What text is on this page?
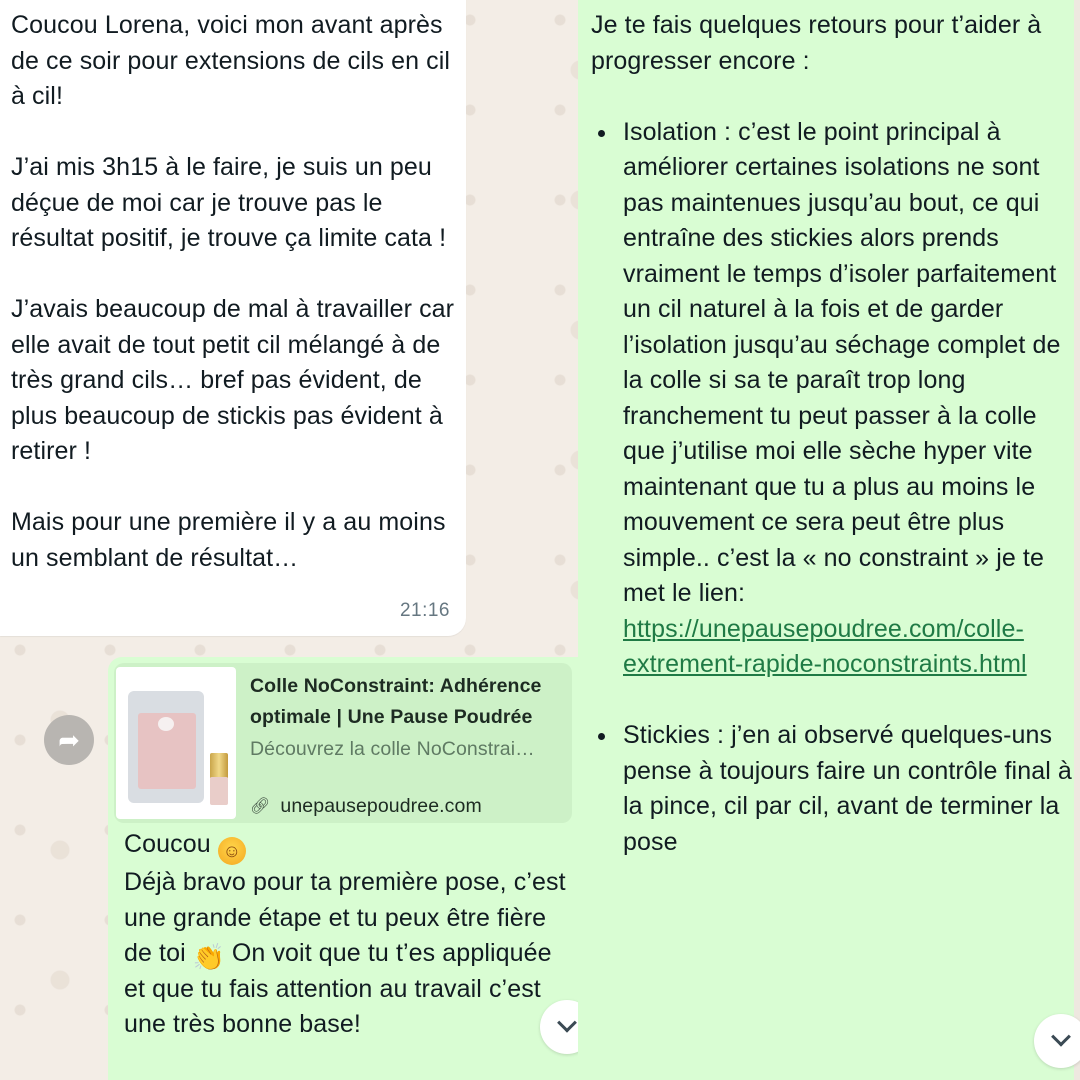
Coucou Lorena, voici mon avant après de ce soir pour extensions de cils en cil à cil!

J’ai mis 3h15 à le faire, je suis un peu déçue de moi car je trouve pas le résultat positif, je trouve ça limite cata !

J’avais beaucoup de mal à travailler car elle avait de tout petit cil mélangé à de très grand cils… bref pas évident, de plus beaucoup de stickis pas évident à retirer !

Mais pour une première il y a au moins un semblant de résultat…

21:16
➦
Colle NoConstraint: Adhérence optimale | Une Pause Poudrée
Découvrez la colle NoConstrai…
🔗︎ unepausepoudree.com
Coucou ☺
Déjà bravo pour ta première pose, c’est une grande étape et tu peux être fière de toi 👏 On voit que tu t’es appliquée et que tu fais attention au travail c’est une très bonne base!

Je te fais quelques retours pour t’aider à progresser encore :

Isolation : c’est le point principal à améliorer certaines isolations ne sont pas maintenues jusqu’au bout, ce qui entraîne des stickies alors prends vraiment le temps d’isoler parfaitement un cil naturel à la fois et de garder l’isolation jusqu’au séchage complet de la colle si sa te paraît trop long franchement tu peut passer à la colle que j’utilise moi elle sèche hyper vite maintenant que tu a plus au moins le mouvement ce sera peut être plus simple.. c’est la « no constraint » je te met le lien: https://unepausepoudree.com/colle-extrement-rapide-noconstraints.html
Stickies : j’en ai observé quelques-uns pense à toujours faire un contrôle final à la pince, cil par cil, avant de terminer la pose
